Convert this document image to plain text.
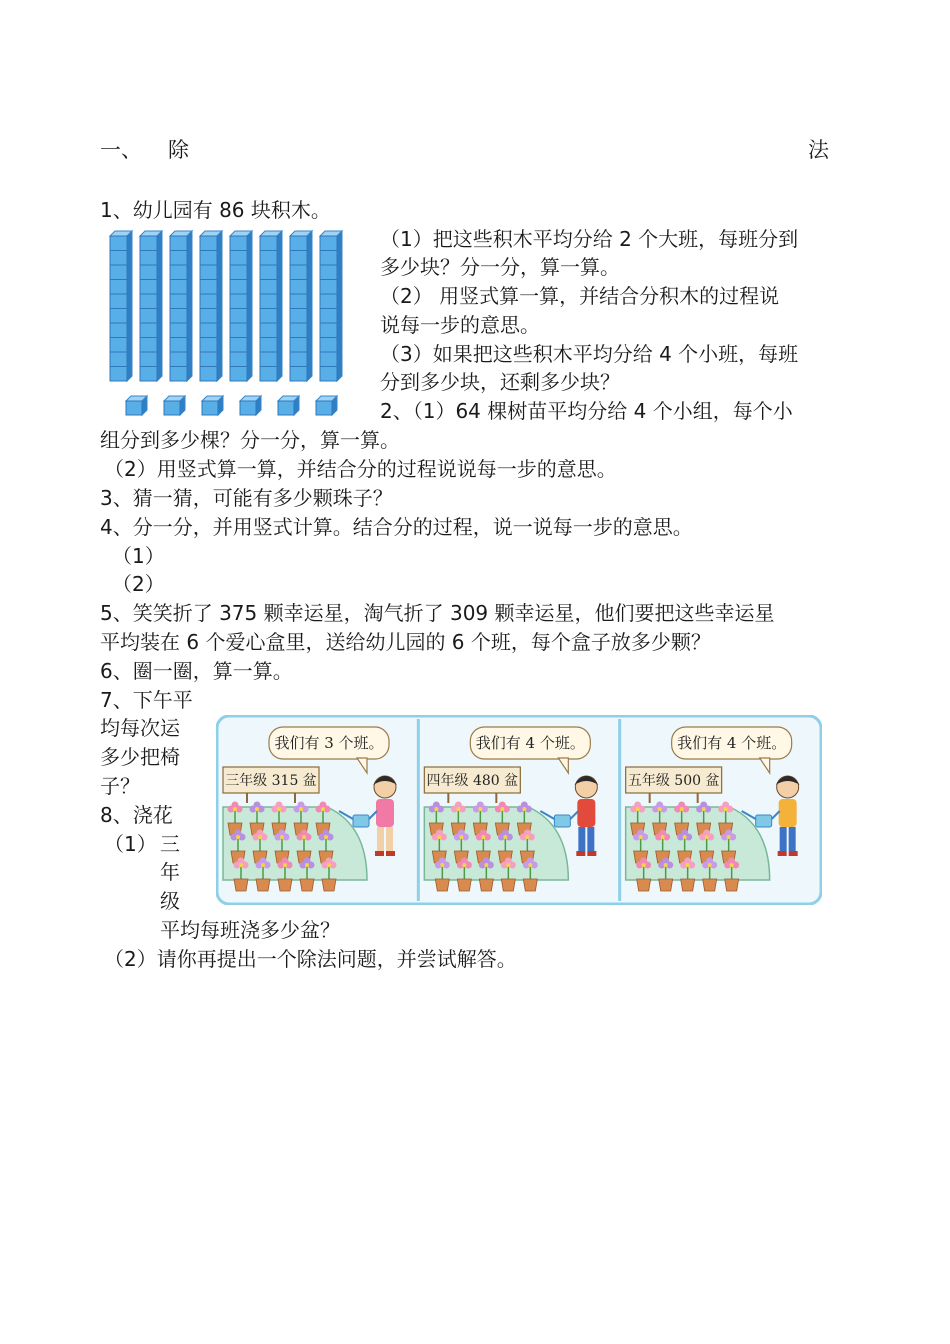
一、 除	法
1、幼儿园有 86 块积木。
（1）把这些积木平均分给 2 个大班，每班分到
多少块？分一分，算一算。
（2） 用竖式算一算，并结合分积木的过程说
说每一步的意思。
（3）如果把这些积木平均分给 4 个小班，每班
分到多少块，还剩多少块？
2、（1）64 棵树苗平均分给 4 个小组，每个小
组分到多少棵？分一分，算一算。
（2）用竖式算一算，并结合分的过程说说每一步的意思。
3、猜一猜，可能有多少颗珠子？
4、分一分，并用竖式计算。结合分的过程，说一说每一步的意思。
（1）
（2）
5、笑笑折了 375 颗幸运星，淘气折了 309 颗幸运星，他们要把这些幸运星
平均装在 6 个爱心盒里，送给幼儿园的 6 个班，每个盒子放多少颗？
6、圈一圈，算一算。
7、下午平
均每次运
多少把椅
子？
8、浇花
（1） 三
年
级
平均每班浇多少盆？
（2）请你再提出一个除法问题，并尝试解答。
我们有 3 个班。
三年级 315 盆
我们有 4 个班。
四年级 480 盆
我们有 4 个班。
五年级 500 盆
